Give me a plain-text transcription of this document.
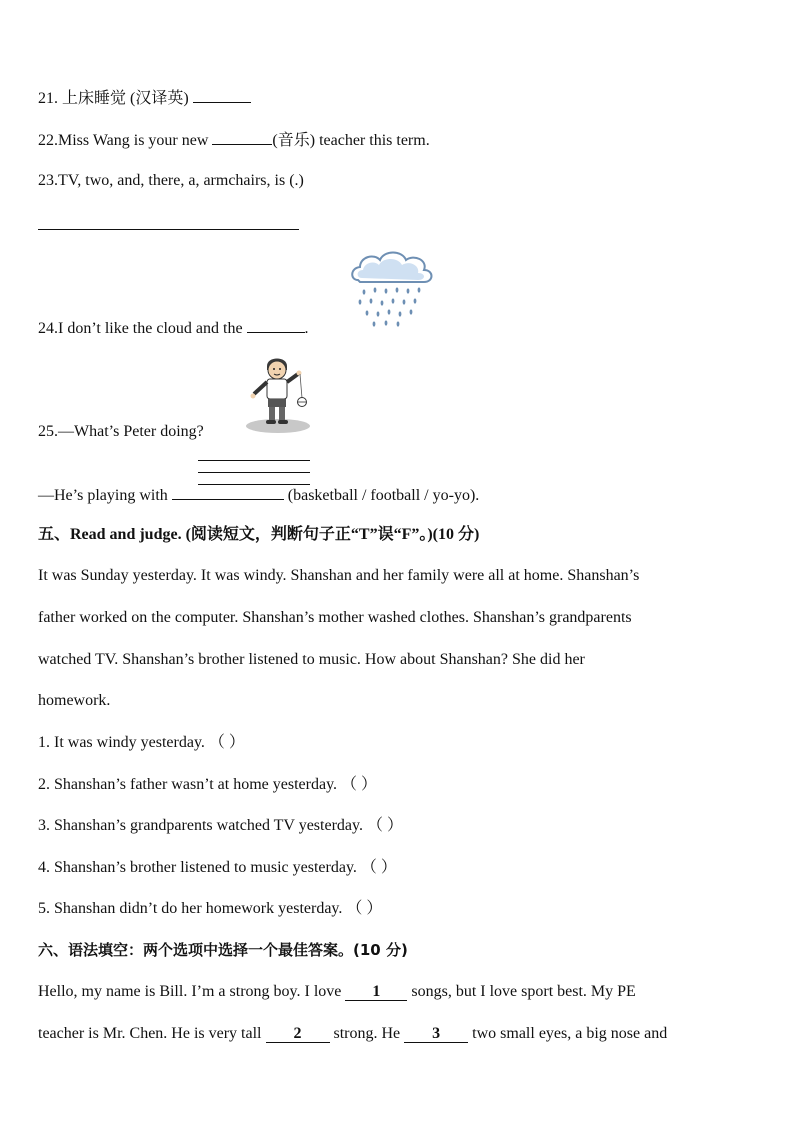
21. 上床睡觉 (汉译英)
22.Miss Wang is your new	(音乐) teacher this term.
23.TV, two, and, there, a, armchairs, is (.)
24.I don’t like the cloud and the	.
25.—What’s Peter doing?
—He’s playing with	(basketball / football / yo-yo).
五、Read and judge. (阅读短文，判断句子正“T”误“F”。)(10 分)
It was Sunday yesterday. It was windy. Shanshan and her family were all at home. Shanshan’s
father worked on the computer. Shanshan’s mother washed clothes. Shanshan’s grandparents
watched TV. Shanshan’s brother listened to music. How about Shanshan? She did her
homework.
1. It was windy yesterday. （ ）
2. Shanshan’s father wasn’t at home yesterday. （ ）
3. Shanshan’s grandparents watched TV yesterday. （ ）
4. Shanshan’s brother listened to music yesterday. （ ）
5. Shanshan didn’t do her homework yesterday. （ ）
六、语法填空：两个选项中选择一个最佳答案。(10 分)
Hello, my name is Bill. I’m a strong boy. I love 1 songs, but I love sport best. My PE
teacher is Mr. Chen. He is very tall 2 strong. He 3 two small eyes, a big nose and
